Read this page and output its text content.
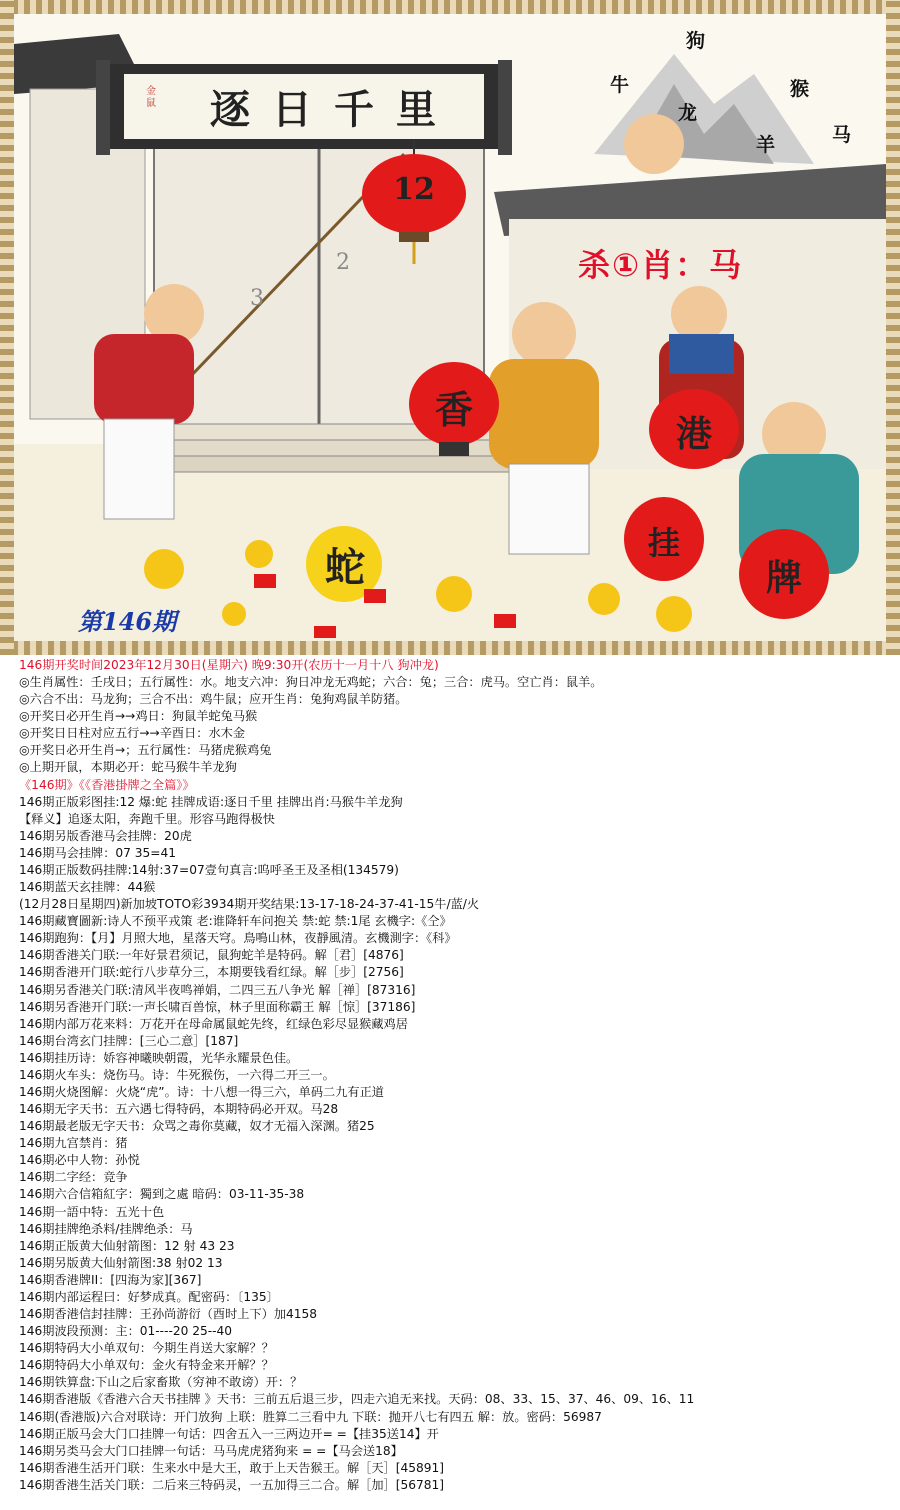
金鼠	逐日千里
12
香
港
挂
牌
蛇
狗
牛
龙
羊
猴
马
2
3
杀①肖：马
第146期
146期开奖时间2023年12月30日(星期六) 晚9:30开(农历十一月十八 狗冲龙)
◎生肖属性：壬戌日；五行属性：水。地支六冲：狗日冲龙无鸡蛇；六合：兔；三合：虎马。空亡肖：鼠羊。
◎六合不出：马龙狗；三合不出：鸡牛鼠；应开生肖：兔狗鸡鼠羊防猪。
◎开奖日必开生肖→→鸡日：狗鼠羊蛇兔马猴
◎开奖日日柱对应五行→→辛酉日：水木金
◎开奖日必开生肖→；五行属性：马猪虎猴鸡兔
◎上期开鼠，本期必开：蛇马猴牛羊龙狗
《146期》《《香港掛牌之全篇》》
146期正版彩图挂:12 爆:蛇 挂牌成语:逐日千里 挂牌出肖:马猴牛羊龙狗
【释义】追逐太阳，奔跑千里。形容马跑得极快
146期另版香港马会挂牌：20虎
146期马会挂牌：07 35=41
146期正版数码挂牌:14射:37=07壹句真言:呜呼圣王及圣相(134579)
146期蓝天玄挂牌：44猴
(12月28日星期四)新加坡TOTO彩3934期开奖结果:13-17-18-24-37-41-15牛/蓝/火
146期藏寶圖新:诗人不预平戎策 老:谁降轩车问抱关 禁:蛇 禁:1尾 玄機字:《仝》
146期跑狗：【月】月照大地，星落天穹。鳥鳴山林，夜靜風清。玄機測字：《科》
146期香港关门联:一年好景君须记，鼠狗蛇羊是特码。解［君］[4876]
146期香港开门联:蛇行八步草分三，本期要钱看红绿。解［步］[2756]
146期另香港关门联:清风半夜鸣禅娟，二四三五八争光 解［禅］[87316]
146期另香港开门联:一声长啸百兽惊，林子里面称霸王 解［惊］[37186]
146期内部万花来料：万花开在母命属鼠蛇先终，红绿色彩尽显猴藏鸡居
146期台湾玄门挂牌：[三心二意］[187]
146期挂历诗：娇容神曦映朝霞，光华永耀景色佳。
146期火车头：烧伤马。诗：牛死猴伤，一六得二开三一。
146期火烧图解：火烧“虎”。诗：十八想一得三六，单码二九有正道
146期无字天书：五六遇七得特码，本期特码必开双。马28
146期最老版无字天书：众骂之毒你莫藏，奴才无福入深渊。猪25
146期九宫禁肖：猪
146期必中人物：孙悦
146期二字经：竞争
146期六合信箱紅字：獨到之處 暗码：03-11-35-38
146期一語中特：五光十色
146期挂牌绝杀料/挂牌绝杀：马
146期正版黄大仙射箭图：12 射 43 23
146期另版黄大仙射箭图:38 射02 13
146期香港牌II：[四海为家][367]
146期内部运程曰：好梦成真。配密码：〔135〕
146期香港信封挂牌：王孙尚游衍（酉时上下）加4158
146期波段预测：主：01----20 25--40
146期特码大小单双句：今期生肖送大家解？？
146期特码大小单双句：金火有特金来开解？？
146期铁算盘:下山之后家畜欺（穷神不敢谤）开：？
146期香港版《香港六合天书挂牌 》天书：三前五后退三步，四走六追无来找。天码：08、33、15、37、46、09、16、11
146期(香港版)六合对联诗：开门放狗 上联：胜算二三看中九 下联：抛开八七有四五 解：放。密码：56987
146期正版马会大门口挂牌一句话：四舍五入一三两边开= =【挂35送14】开
146期另类马会大门口挂牌一句话：马马虎虎猪狗来 = =【马会送18】
146期香港生活开门联：生来水中是大王，敢于上天告猴王。解［天］[45891]
146期香港生活关门联：二后来三特码灵，一五加得三二合。解［加］[56781]
